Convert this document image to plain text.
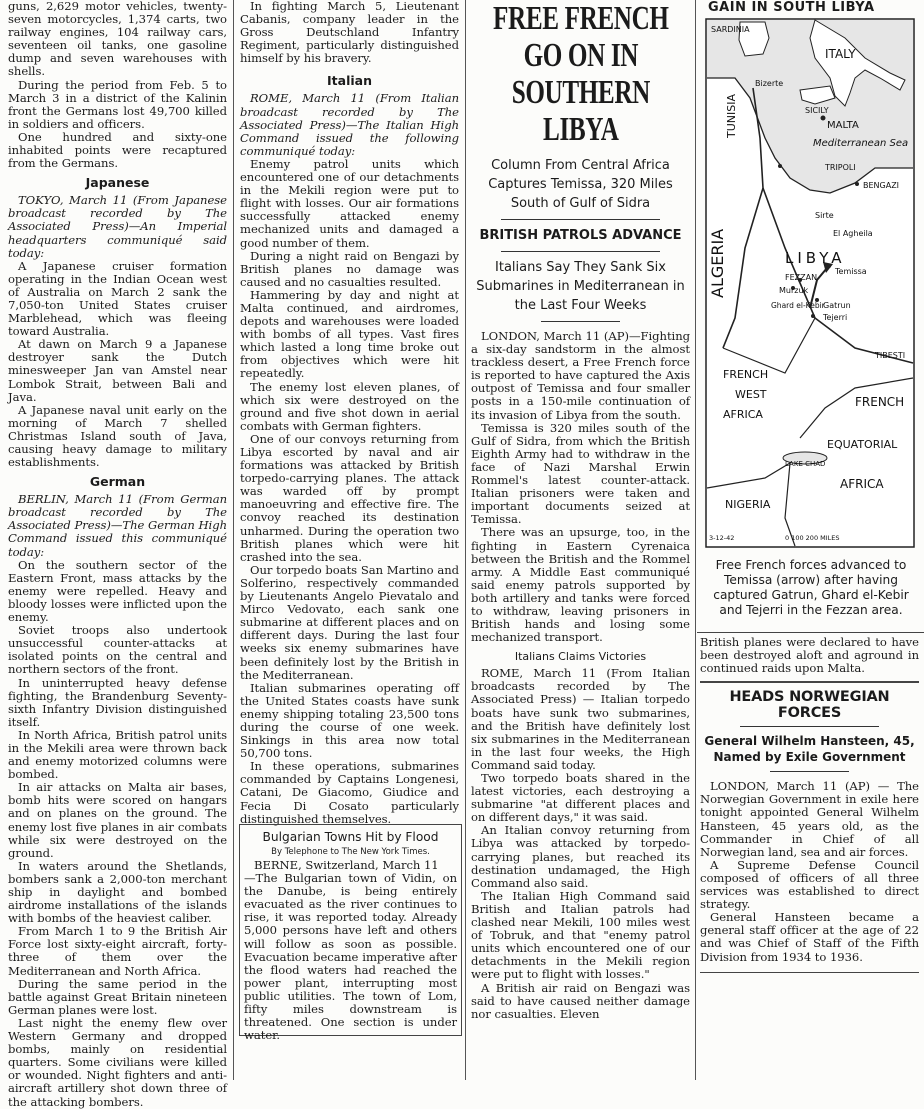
guns, 2,629 motor vehicles, twenty-seven motorcycles, 1,374 carts, two railway engines, 104 railway cars, seventeen oil tanks, one gasoline dump and seven warehouses with shells.

During the period from Feb. 5 to March 3 in a district of the Kalinin front the Germans lost 49,700 killed in soldiers and officers.

One hundred and sixty-one inhabited points were recaptured from the Germans.

Japanese

TOKYO, March 11 (From Japanese broadcast recorded by The Associated Press)—An Imperial headquarters communiqué said today:

A Japanese cruiser formation operating in the Indian Ocean west of Australia on March 2 sank the 7,050-ton United States cruiser Marblehead, which was fleeing toward Australia.

At dawn on March 9 a Japanese destroyer sank the Dutch minesweeper Jan van Amstel near Lombok Strait, between Bali and Java.

A Japanese naval unit early on the morning of March 7 shelled Christmas Island south of Java, causing heavy damage to military establishments.

German

BERLIN, March 11 (From German broadcast recorded by The Associated Press)—The German High Command issued this communiqué today:

On the southern sector of the Eastern Front, mass attacks by the enemy were repelled. Heavy and bloody losses were inflicted upon the enemy.

Soviet troops also undertook unsuccessful counter-attacks at isolated points on the central and northern sectors of the front.

In uninterrupted heavy defense fighting, the Brandenburg Seventy-sixth Infantry Division distinguished itself.

In North Africa, British patrol units in the Mekili area were thrown back and enemy motorized columns were bombed.

In air attacks on Malta air bases, bomb hits were scored on hangars and on planes on the ground. The enemy lost five planes in air combats while six were destroyed on the ground.

In waters around the Shetlands, bombers sank a 2,000-ton merchant ship in daylight and bombed airdrome installations of the islands with bombs of the heaviest caliber.

From March 1 to 9 the British Air Force lost sixty-eight aircraft, forty-three of them over the Mediterranean and North Africa.

During the same period in the battle against Great Britain nineteen German planes were lost.

Last night the enemy flew over Western Germany and dropped bombs, mainly on residential quarters. Some civilians were killed or wounded. Night fighters and anti-aircraft artillery shot down three of the attacking bombers.

In fighting March 5, Lieutenant Cabanis, company leader in the Gross Deutschland Infantry Regiment, particularly distinguished himself by his bravery.

Italian

ROME, March 11 (From Italian broadcast recorded by The Associated Press)—The Italian High Command issued the following communiqué today:

Enemy patrol units which encountered one of our detachments in the Mekili region were put to flight with losses. Our air formations successfully attacked enemy mechanized units and damaged a good number of them.

During a night raid on Bengazi by British planes no damage was caused and no casualties resulted.

Hammering by day and night at Malta continued, and airdromes, depots and warehouses were loaded with bombs of all types. Vast fires which lasted a long time broke out from objectives which were hit repeatedly.

The enemy lost eleven planes, of which six were destroyed on the ground and five shot down in aerial combats with German fighters.

One of our convoys returning from Libya escorted by naval and air formations was attacked by British torpedo-carrying planes. The attack was warded off by prompt manoeuvring and effective fire. The convoy reached its destination unharmed. During the operation two British planes which were hit crashed into the sea.

Our torpedo boats San Martino and Solferino, respectively commanded by Lieutenants Angelo Pievatalo and Mirco Vedovato, each sank one submarine at different places and on different days. During the last four weeks six enemy submarines have been definitely lost by the British in the Mediterranean.

Italian submarines operating off the United States coasts have sunk enemy shipping totaling 23,500 tons during the course of one week. Sinkings in this area now total 50,700 tons.

In these operations, submarines commanded by Captains Longenesi, Catani, De Giacomo, Giudice and Fecia Di Cosato particularly distinguished themselves.

Bulgarian Towns Hit by Flood
By Telephone to The New York Times.

BERNE, Switzerland, March 11

—The Bulgarian town of Vidin, on the Danube, is being entirely evacuated as the river continues to rise, it was reported today. Already 5,000 persons have left and others will follow as soon as possible. Evacuation became imperative after the flood waters had reached the power plant, interrupting most public utilities. The town of Lom, fifty miles downstream is threatened. One section is under water.

FREE FRENCH GO ON IN SOUTHERN LIBYA
Column From Central Africa Captures Temissa, 320 Miles South of Gulf of Sidra
BRITISH PATROLS ADVANCE
Italians Say They Sank Six Submarines in Mediterranean in the Last Four Weeks

LONDON, March 11 (AP)—Fighting a six-day sandstorm in the almost trackless desert, a Free French force is reported to have captured the Axis outpost of Temissa and four smaller posts in a 150-mile continuation of its invasion of Libya from the south.

Temissa is 320 miles south of the Gulf of Sidra, from which the British Eighth Army had to withdraw in the face of Nazi Marshal Erwin Rommel's latest counter-attack. Italian prisoners were taken and important documents seized at Temissa.

There was an upsurge, too, in the fighting in Eastern Cyrenaica between the British and the Rommel army. A Middle East communiqué said enemy patrols supported by both artillery and tanks were forced to withdraw, leaving prisoners in British hands and losing some mechanized transport.

Italians Claims Victories

ROME, March 11 (From Italian broadcasts recorded by The Associated Press) — Italian torpedo boats have sunk two submarines, and the British have definitely lost six submarines in the Mediterranean in the last four weeks, the High Command said today.

Two torpedo boats shared in the latest victories, each destroying a submarine "at different places and on different days," it was said.

An Italian convoy returning from Libya was attacked by torpedo-carrying planes, but reached its destination undamaged, the High Command also said.

The Italian High Command said British and Italian patrols had clashed near Mekili, 100 miles west of Tobruk, and that "enemy patrol units which encountered one of our detachments in the Mekili region were put to flight with losses."

A British air raid on Bengazi was said to have caused neither damage nor casualties. Eleven

GAIN IN SOUTH LIBYA
SARDINIA
ITALY
Bizerte
SICILY
MALTA
Mediterranean Sea
TRIPOLI
BENGAZI
TUNISIA
ALGERIA
Sirte
El Agheila
LIBYA
FEZZAN
Temissa
Murzuk
Ghard el-Kebir
Gatrun
Tejerri
TIBESTI
FRENCH
WEST
AFRICA
FRENCH
EQUATORIAL
LAKE CHAD
AFRICA
NIGERIA
3-12-42	0 100 200 MILES
Free French forces advanced to Temissa (arrow) after having captured Gatrun, Ghard el-Kebir and Tejerri in the Fezzan area.

British planes were declared to have been destroyed aloft and aground in continued raids upon Malta.

HEADS NORWEGIAN FORCES
General Wilhelm Hansteen, 45, Named by Exile Government

LONDON, March 11 (AP) — The Norwegian Government in exile here tonight appointed General Wilhelm Hansteen, 45 years old, as the Commander in Chief of all Norwegian land, sea and air forces.

A Supreme Defense Council composed of officers of all three services was established to direct strategy.

General Hansteen became a general staff officer at the age of 22 and was Chief of Staff of the Fifth Division from 1934 to 1936.
